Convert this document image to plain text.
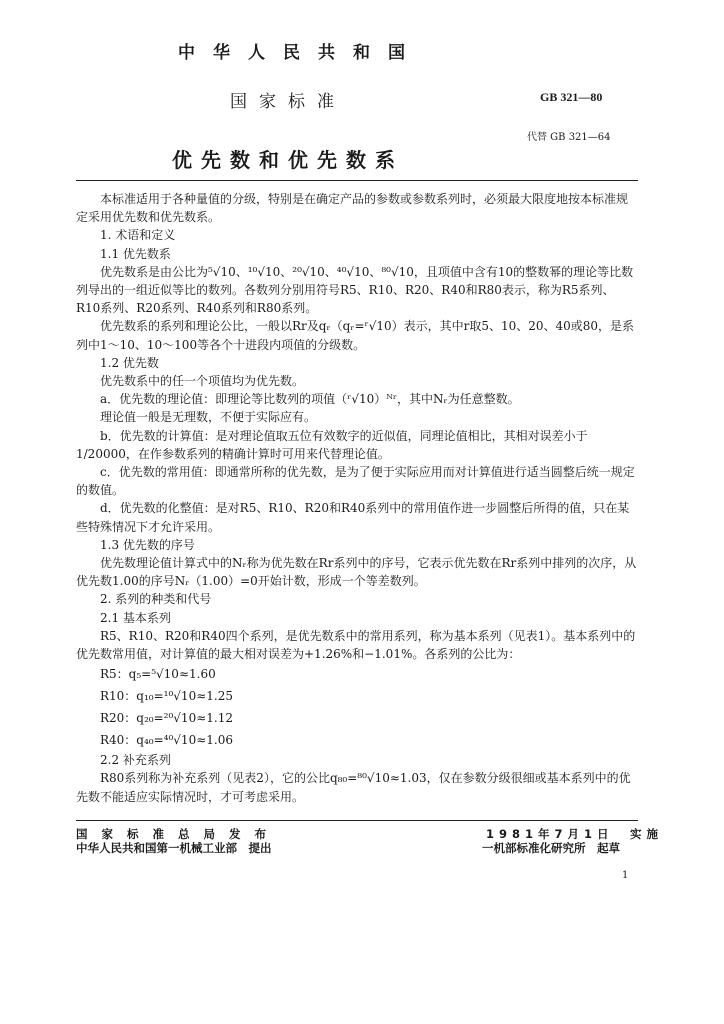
中华人民共和国
国家标准	GB 321—80
代替 GB 321—64
优先数和优先数系

本标准适用于各种量值的分级，特别是在确定产品的参数或参数系列时，必须最大限度地按本标准规定采用优先数和优先数系。

1. 术语和定义

1.1 优先数系

优先数系是由公比为⁵√10、¹⁰√10、²⁰√10、⁴⁰√10、⁸⁰√10，且项值中含有10的整数幂的理论等比数列导出的一组近似等比的数列。各数列分别用符号R5、R10、R20、R40和R80表示，称为R5系列、R10系列、R20系列、R40系列和R80系列。

优先数系的系列和理论公比，一般以Rr及qᵣ（qᵣ=ʳ√10）表示，其中r取5、10、20、40或80，是系列中1～10、10～100等各个十进段内项值的分级数。

1.2 优先数

优先数系中的任一个项值均为优先数。

a．优先数的理论值：即理论等比数列的项值（ʳ√10）ᴺʳ，其中Nᵣ为任意整数。

理论值一般是无理数，不便于实际应有。

b．优先数的计算值：是对理论值取五位有效数字的近似值，同理论值相比，其相对误差小于1/20000，在作参数系列的精确计算时可用来代替理论值。

c．优先数的常用值：即通常所称的优先数，是为了便于实际应用而对计算值进行适当圆整后统一规定的数值。

d．优先数的化整值：是对R5、R10、R20和R40系列中的常用值作进一步圆整后所得的值，只在某些特殊情况下才允许采用。

1.3 优先数的序号

优先数理论值计算式中的Nᵣ称为优先数在Rr系列中的序号，它表示优先数在Rr系列中排列的次序，从优先数1.00的序号Nᵣ（1.00）=0开始计数，形成一个等差数列。

2. 系列的种类和代号

2.1 基本系列

R5、R10、R20和R40四个系列，是优先数系中的常用系列，称为基本系列（见表1）。基本系列中的优先数常用值，对计算值的最大相对误差为+1.26%和−1.01%。各系列的公比为：

R5：q₅=⁵√10≈1.60

R10：q₁₀=¹⁰√10≈1.25

R20：q₂₀=²⁰√10≈1.12

R40：q₄₀=⁴⁰√10≈1.06

2.2 补充系列

R80系列称为补充系列（见表2），它的公比q₈₀=⁸⁰√10≈1.03，仅在参数分级很细或基本系列中的优先数不能适应实际情况时，才可考虑采用。

国家标准总局发布
中华人民共和国第一机械工业部　提出
1981年7月1日　实施
一机部标准化研究所　起草
1
